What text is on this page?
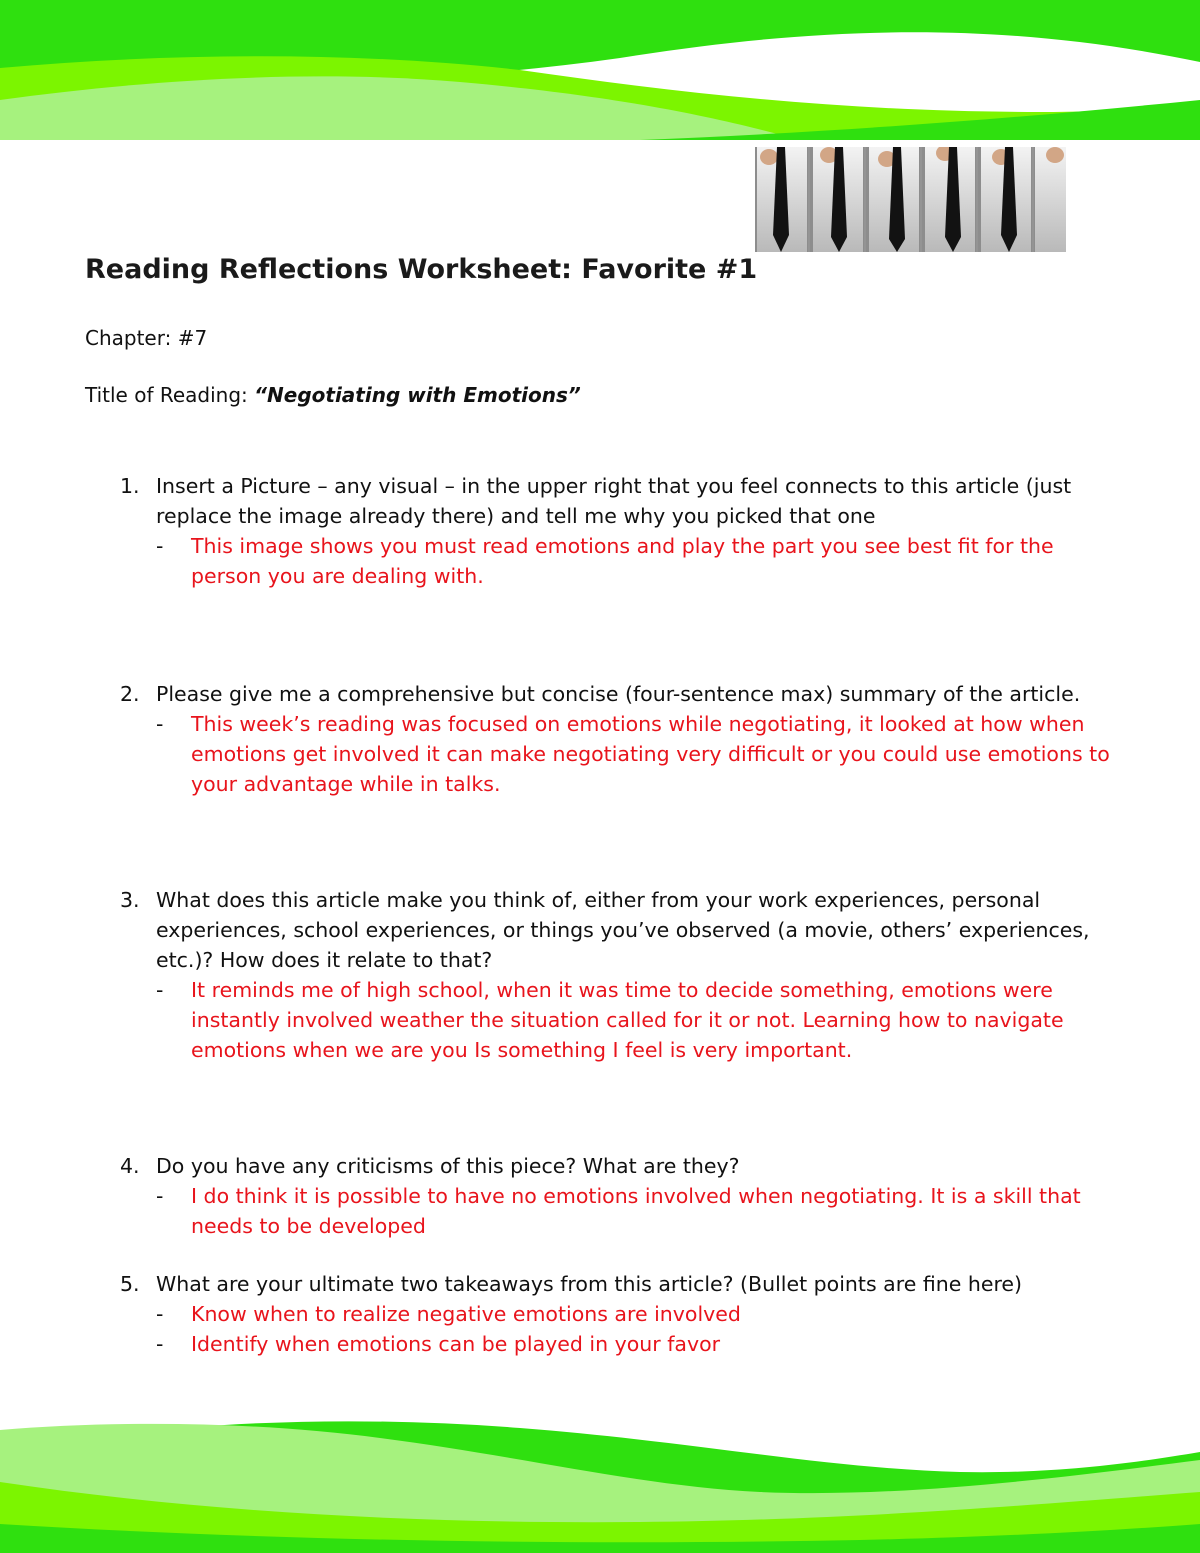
Reading Reflections Worksheet: Favorite #1
Chapter: #7
Title of Reading: “Negotiating with Emotions”
1. Insert a Picture – any visual – in the upper right that you feel connects to this article (just replace the image already there) and tell me why you picked that one
- This image shows you must read emotions and play the part you see best fit for the person you are dealing with.
2. Please give me a comprehensive but concise (four-sentence max) summary of the article.
- This week’s reading was focused on emotions while negotiating, it looked at how when emotions get involved it can make negotiating very difficult or you could use emotions to your advantage while in talks.
3. What does this article make you think of, either from your work experiences, personal experiences, school experiences, or things you’ve observed (a movie, others’ experiences, etc.)? How does it relate to that?
- It reminds me of high school, when it was time to decide something, emotions were instantly involved weather the situation called for it or not. Learning how to navigate emotions when we are you Is something I feel is very important.
4. Do you have any criticisms of this piece? What are they?
- I do think it is possible to have no emotions involved when negotiating. It is a skill that needs to be developed
5. What are your ultimate two takeaways from this article? (Bullet points are fine here)
- Know when to realize negative emotions are involved
- Identify when emotions can be played in your favor
